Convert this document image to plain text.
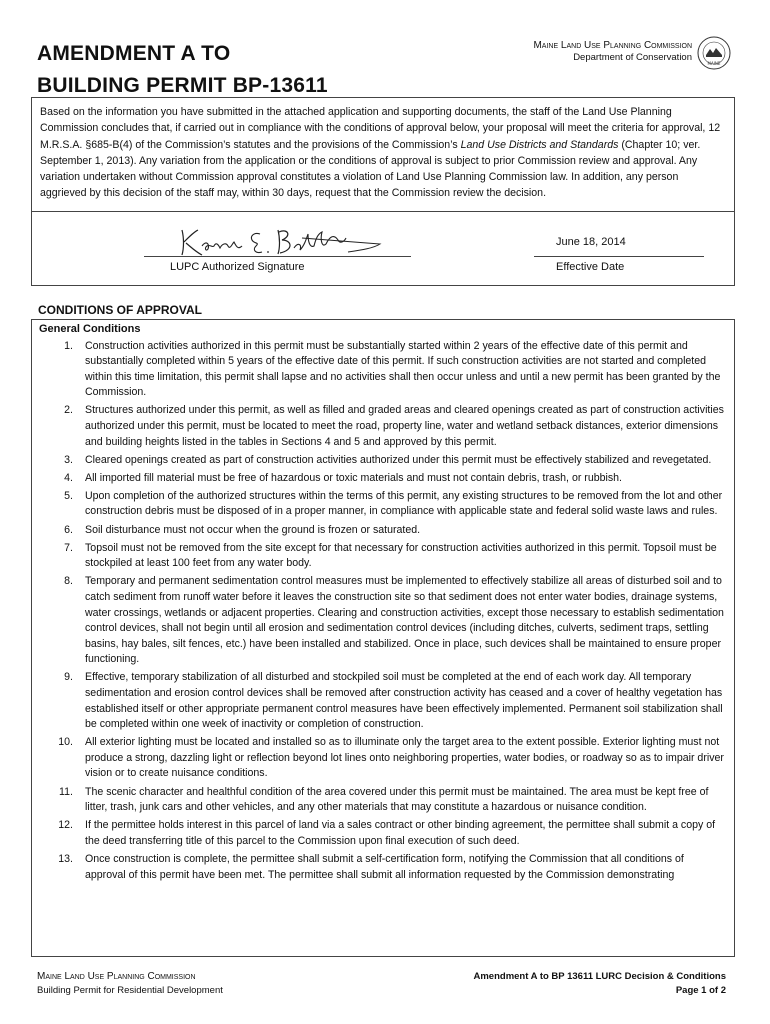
AMENDMENT A TO
BUILDING PERMIT BP-13611
Maine Land Use Planning Commission
Department of Conservation
MAINE

Based on the information you have submitted in the attached application and supporting documents, the staff of the Land Use Planning Commission concludes that, if carried out in compliance with the conditions of approval below, your proposal will meet the criteria for approval, 12 M.R.S.A. §685-B(4) of the Commission’s statutes and the provisions of the Commission’s Land Use Districts and Standards (Chapter 10; ver. September 1, 2013). Any variation from the application or the conditions of approval is subject to prior Commission review and approval. Any variation undertaken without Commission approval constitutes a violation of Land Use Planning Commission law. In addition, any person aggrieved by this decision of the staff may, within 30 days, request that the Commission review the decision.

LUPC Authorized Signature
June 18, 2014
Effective Date
CONDITIONS OF APPROVAL
General Conditions
1. Construction activities authorized in this permit must be substantially started within 2 years of the effective date of this permit and substantially completed within 5 years of the effective date of this permit. If such construction activities are not started and completed within this time limitation, this permit shall lapse and no activities shall then occur unless and until a new permit has been granted by the Commission.
2. Structures authorized under this permit, as well as filled and graded areas and cleared openings created as part of construction activities authorized under this permit, must be located to meet the road, property line, water and wetland setback distances, exterior dimensions and building heights listed in the tables in Sections 4 and 5 and approved by this permit.
3. Cleared openings created as part of construction activities authorized under this permit must be effectively stabilized and revegetated.
4. All imported fill material must be free of hazardous or toxic materials and must not contain debris, trash, or rubbish.
5. Upon completion of the authorized structures within the terms of this permit, any existing structures to be removed from the lot and other construction debris must be disposed of in a proper manner, in compliance with applicable state and federal solid waste laws and rules.
6. Soil disturbance must not occur when the ground is frozen or saturated.
7. Topsoil must not be removed from the site except for that necessary for construction activities authorized in this permit. Topsoil must be stockpiled at least 100 feet from any water body.
8. Temporary and permanent sedimentation control measures must be implemented to effectively stabilize all areas of disturbed soil and to catch sediment from runoff water before it leaves the construction site so that sediment does not enter water bodies, drainage systems, water crossings, wetlands or adjacent properties. Clearing and construction activities, except those necessary to establish sedimentation control devices, shall not begin until all erosion and sedimentation control devices (including ditches, culverts, sediment traps, settling basins, hay bales, silt fences, etc.) have been installed and stabilized. Once in place, such devices shall be maintained to ensure proper functioning.
9. Effective, temporary stabilization of all disturbed and stockpiled soil must be completed at the end of each work day. All temporary sedimentation and erosion control devices shall be removed after construction activity has ceased and a cover of healthy vegetation has established itself or other appropriate permanent control measures have been effectively implemented. Permanent soil stabilization shall be completed within one week of inactivity or completion of construction.
10. All exterior lighting must be located and installed so as to illuminate only the target area to the extent possible. Exterior lighting must not produce a strong, dazzling light or reflection beyond lot lines onto neighboring properties, water bodies, or roadway so as to impair driver vision or to create nuisance conditions.
11. The scenic character and healthful condition of the area covered under this permit must be maintained. The area must be kept free of litter, trash, junk cars and other vehicles, and any other materials that may constitute a hazardous or nuisance condition.
12. If the permittee holds interest in this parcel of land via a sales contract or other binding agreement, the permittee shall submit a copy of the deed transferring title of this parcel to the Commission upon final execution of such deed.
13. Once construction is complete, the permittee shall submit a self-certification form, notifying the Commission that all conditions of approval of this permit have been met. The permittee shall submit all information requested by the Commission demonstrating
Maine Land Use Planning Commission
Building Permit for Residential Development
Amendment A to BP 13611 LURC Decision & Conditions
Page 1 of 2
